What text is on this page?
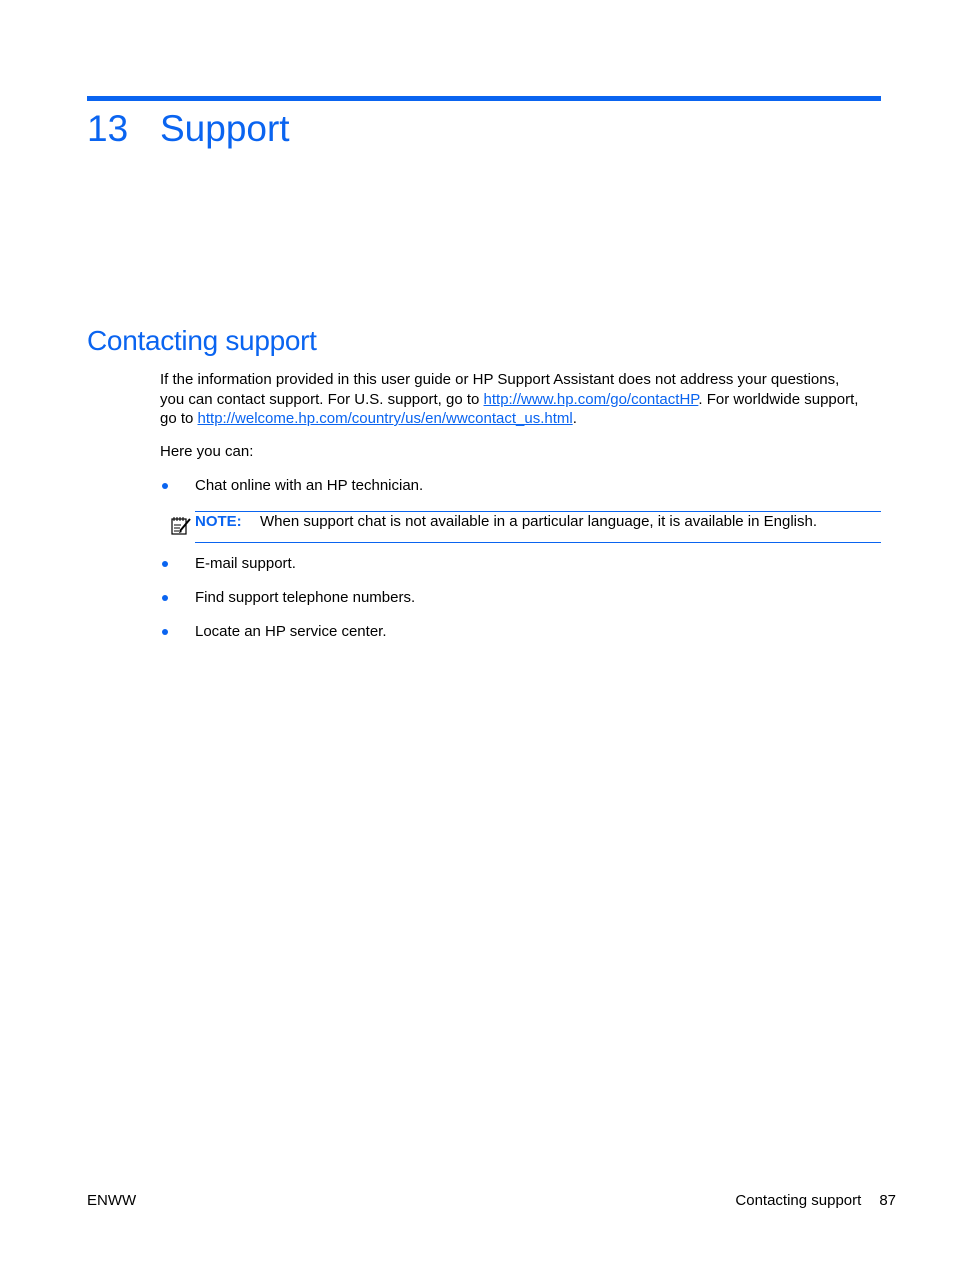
13 Support
Contacting support

If the information provided in this user guide or HP Support Assistant does not address your questions, you can contact support. For U.S. support, go to http://www.hp.com/go/contactHP. For worldwide support, go to http://welcome.hp.com/country/us/en/wwcontact_us.html.

Here you can:

Chat online with an HP technician.
NOTE: When support chat is not available in a particular language, it is available in English.
E-mail support.
Find support telephone numbers.
Locate an HP service center.
ENWW	Contacting support 87
